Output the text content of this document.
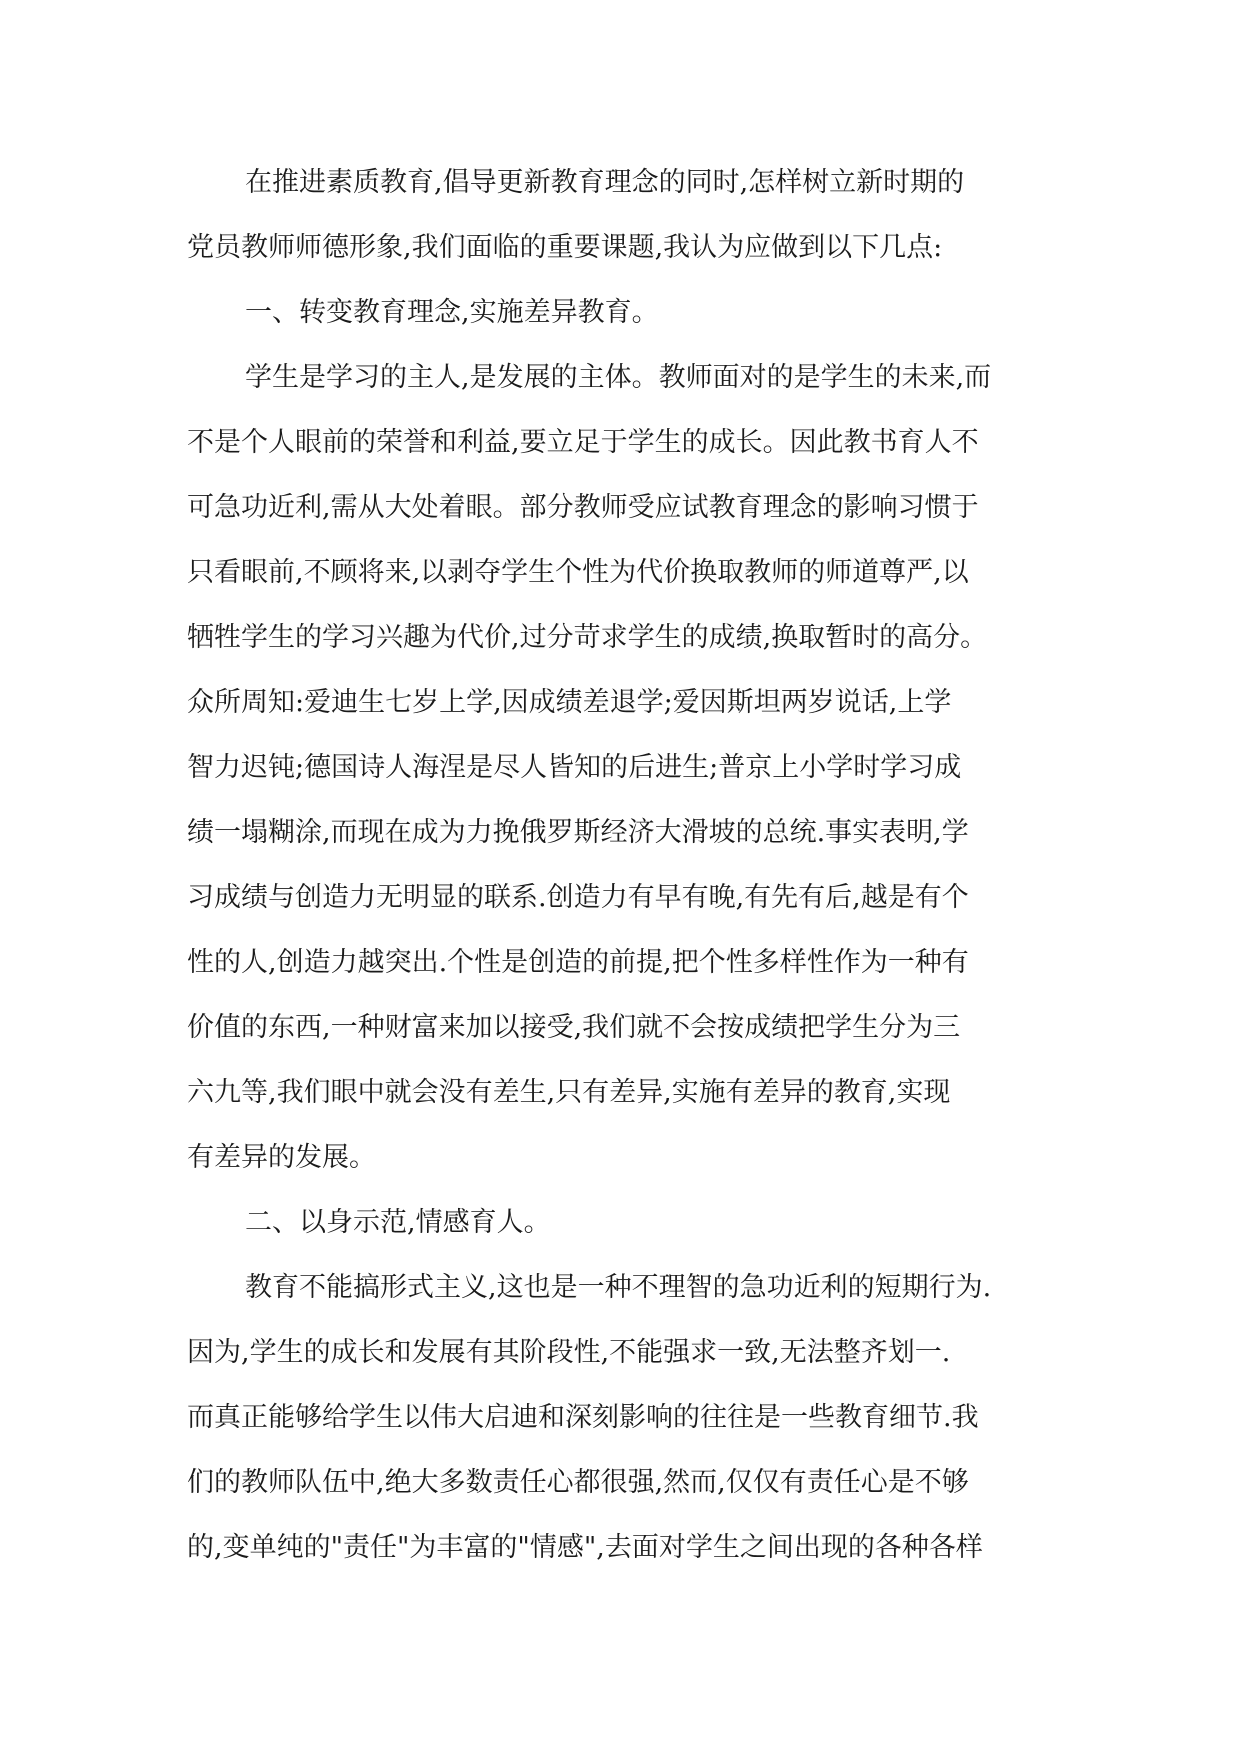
在推进素质教育,倡导更新教育理念的同时,怎样树立新时期的
党员教师师德形象,我们面临的重要课题,我认为应做到以下几点:
一、转变教育理念,实施差异教育。
学生是学习的主人,是发展的主体。教师面对的是学生的未来,而
不是个人眼前的荣誉和利益,要立足于学生的成长。因此教书育人不
可急功近利,需从大处着眼。部分教师受应试教育理念的影响习惯于
只看眼前,不顾将来,以剥夺学生个性为代价换取教师的师道尊严,以
牺牲学生的学习兴趣为代价,过分苛求学生的成绩,换取暂时的高分。
众所周知:爱迪生七岁上学,因成绩差退学;爱因斯坦两岁说话,上学
智力迟钝;德国诗人海涅是尽人皆知的后进生;普京上小学时学习成
绩一塌糊涂,而现在成为力挽俄罗斯经济大滑坡的总统.事实表明,学
习成绩与创造力无明显的联系.创造力有早有晚,有先有后,越是有个
性的人,创造力越突出.个性是创造的前提,把个性多样性作为一种有
价值的东西,一种财富来加以接受,我们就不会按成绩把学生分为三
六九等,我们眼中就会没有差生,只有差异,实施有差异的教育,实现
有差异的发展。
二、以身示范,情感育人。
教育不能搞形式主义,这也是一种不理智的急功近利的短期行为.
因为,学生的成长和发展有其阶段性,不能强求一致,无法整齐划一.
而真正能够给学生以伟大启迪和深刻影响的往往是一些教育细节.我
们的教师队伍中,绝大多数责任心都很强,然而,仅仅有责任心是不够
的,变单纯的"责任"为丰富的"情感",去面对学生之间出现的各种各样
